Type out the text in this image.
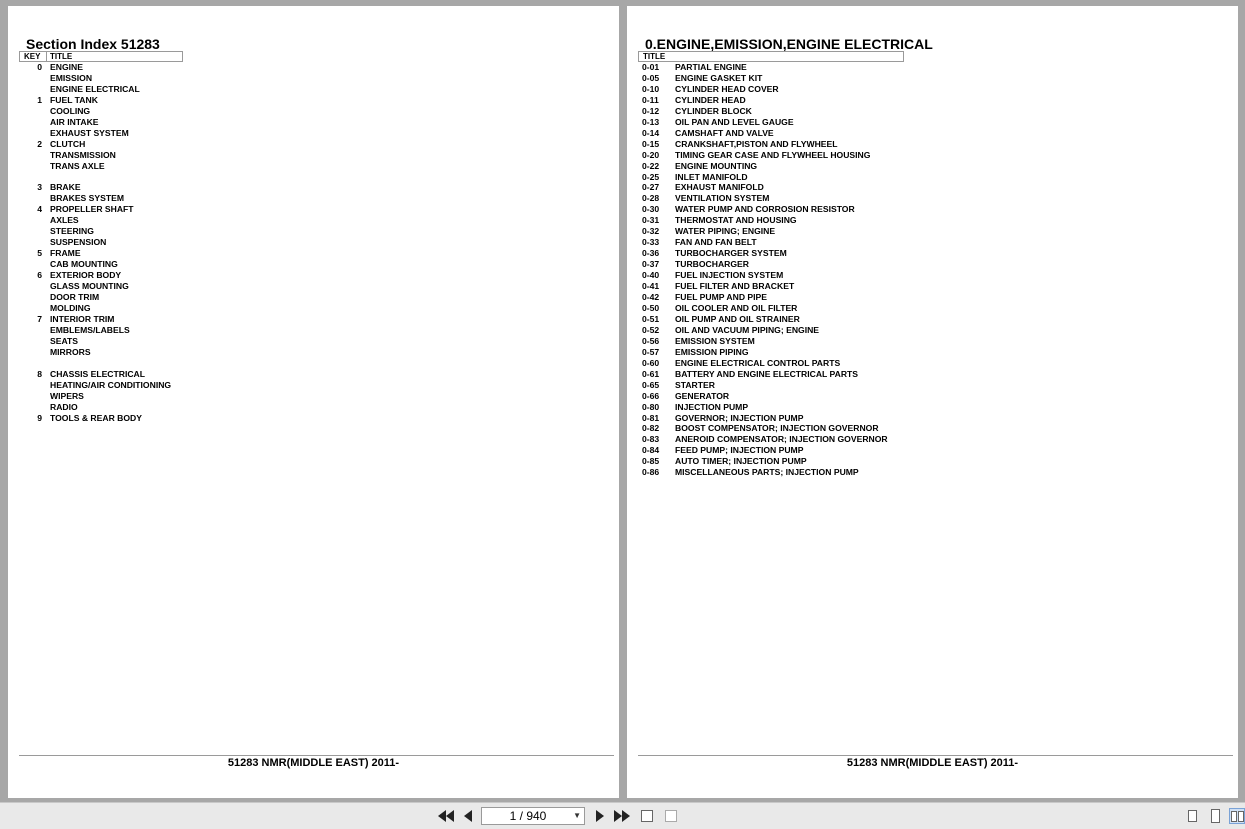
Section Index 51283
KEY TITLE
0 ENGINE
EMISSION
ENGINE ELECTRICAL
1 FUEL TANK
COOLING
AIR INTAKE
EXHAUST SYSTEM
2 CLUTCH
TRANSMISSION
TRANS AXLE
3 BRAKE
BRAKES SYSTEM
4 PROPELLER SHAFT
AXLES
STEERING
SUSPENSION
5 FRAME
CAB MOUNTING
6 EXTERIOR BODY
GLASS MOUNTING
DOOR TRIM
MOLDING
7 INTERIOR TRIM
EMBLEMS/LABELS
SEATS
MIRRORS
8 CHASSIS ELECTRICAL
HEATING/AIR CONDITIONING
WIPERS
RADIO
9 TOOLS & REAR BODY
51283 NMR(MIDDLE EAST) 2011-
0.ENGINE,EMISSION,ENGINE ELECTRICAL
TITLE
0-01 PARTIAL ENGINE
0-05 ENGINE GASKET KIT
0-10 CYLINDER HEAD COVER
0-11 CYLINDER HEAD
0-12 CYLINDER BLOCK
0-13 OIL PAN AND LEVEL GAUGE
0-14 CAMSHAFT AND VALVE
0-15 CRANKSHAFT,PISTON AND FLYWHEEL
0-20 TIMING GEAR CASE AND FLYWHEEL HOUSING
0-22 ENGINE MOUNTING
0-25 INLET MANIFOLD
0-27 EXHAUST MANIFOLD
0-28 VENTILATION SYSTEM
0-30 WATER PUMP AND CORROSION RESISTOR
0-31 THERMOSTAT AND HOUSING
0-32 WATER PIPING; ENGINE
0-33 FAN AND FAN BELT
0-36 TURBOCHARGER SYSTEM
0-37 TURBOCHARGER
0-40 FUEL INJECTION SYSTEM
0-41 FUEL FILTER AND BRACKET
0-42 FUEL PUMP AND PIPE
0-50 OIL COOLER AND OIL FILTER
0-51 OIL PUMP AND OIL STRAINER
0-52 OIL AND VACUUM PIPING; ENGINE
0-56 EMISSION SYSTEM
0-57 EMISSION PIPING
0-60 ENGINE ELECTRICAL CONTROL PARTS
0-61 BATTERY AND ENGINE ELECTRICAL PARTS
0-65 STARTER
0-66 GENERATOR
0-80 INJECTION PUMP
0-81 GOVERNOR; INJECTION PUMP
0-82 BOOST COMPENSATOR; INJECTION GOVERNOR
0-83 ANEROID COMPENSATOR; INJECTION GOVERNOR
0-84 FEED PUMP; INJECTION PUMP
0-85 AUTO TIMER; INJECTION PUMP
0-86 MISCELLANEOUS PARTS; INJECTION PUMP
51283 NMR(MIDDLE EAST) 2011-
1 / 940	▼
